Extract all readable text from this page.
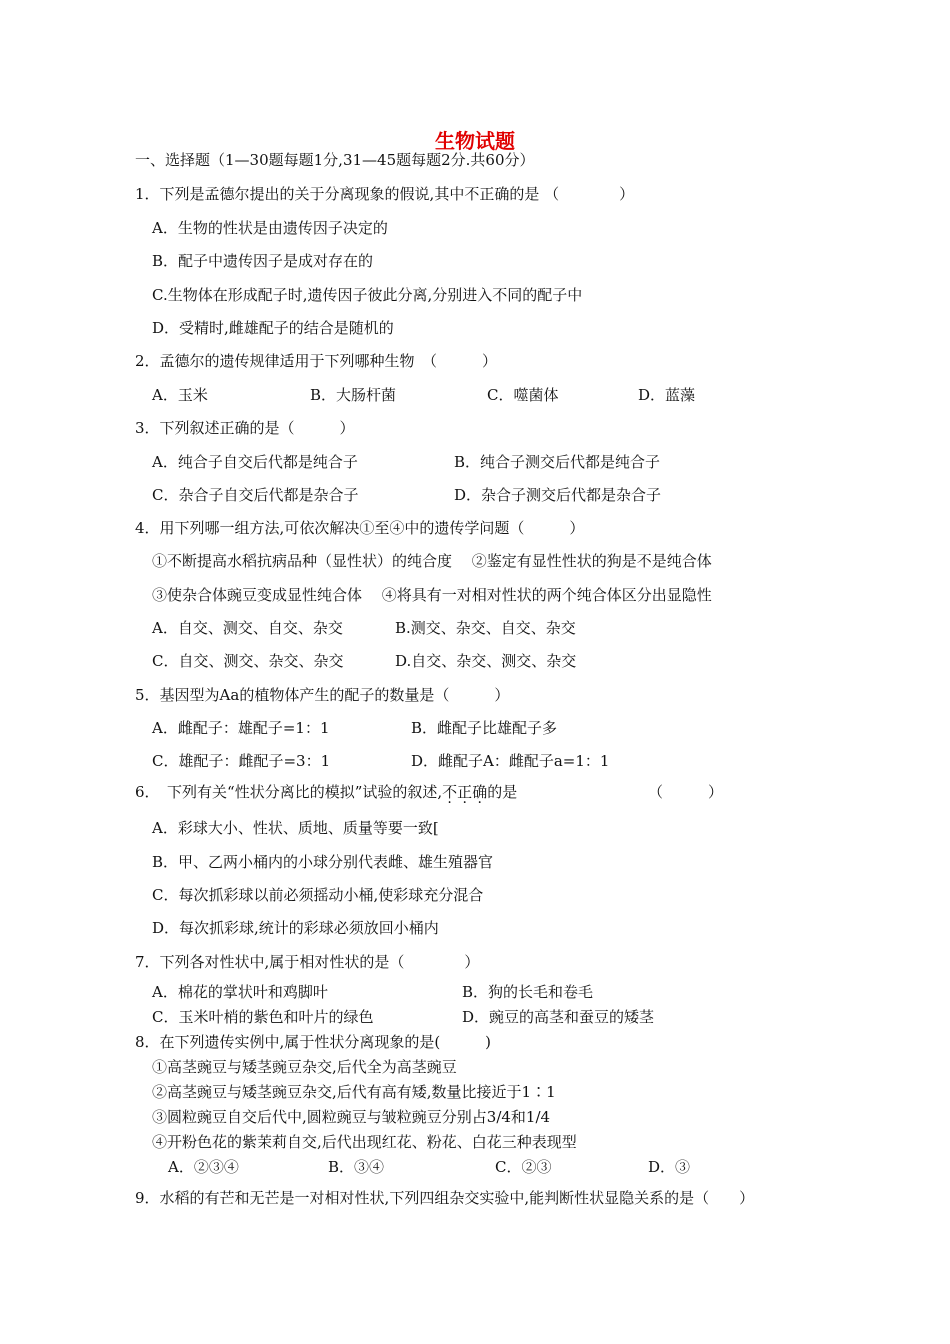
生物试题
一、选择题（1—30题每题1分,31—45题每题2分.共60分）
1．下列是孟德尔提出的关于分离现象的假说,其中不正确的是 （　　　　）
A．生物的性状是由遗传因子决定的
B．配子中遗传因子是成对存在的
C.生物体在形成配子时,遗传因子彼此分离,分别进入不同的配子中
D．受精时,雌雄配子的结合是随机的
2．孟德尔的遗传规律适用于下列哪种生物　（　　　）
A．玉米	B．大肠杆菌	C．噬菌体	D．蓝藻
3．下列叙述正确的是（　　　）
A．纯合子自交后代都是纯合子	B．纯合子测交后代都是纯合子
C．杂合子自交后代都是杂合子	D．杂合子测交后代都是杂合子
4．用下列哪一组方法,可依次解决①至④中的遗传学问题（　　　）
①不断提高水稻抗病品种（显性状）的纯合度　 ②鉴定有显性性状的狗是不是纯合体
③使杂合体豌豆变成显性纯合体　 ④将具有一对相对性状的两个纯合体区分出显隐性
A．自交、测交、自交、杂交	B.测交、杂交、自交、杂交
C．自交、测交、杂交、杂交	D.自交、杂交、测交、杂交
5．基因型为Aa的植物体产生的配子的数量是（　　　）
A．雌配子：雄配子=1：1	B．雌配子比雄配子多
C．雄配子：雌配子=3：1	D．雌配子A：雌配子a=1：1
6．　下列有关“性状分离比的模拟”试验的叙述,不正确的是	（　　　）
A．彩球大小、性状、质地、质量等要一致[
B．甲、乙两小桶内的小球分别代表雌、雄生殖器官
C．每次抓彩球以前必须摇动小桶,使彩球充分混合
D．每次抓彩球,统计的彩球必须放回小桶内
7．下列各对性状中,属于相对性状的是（　　　　）
A．棉花的掌状叶和鸡脚叶	B．狗的长毛和卷毛
C．玉米叶梢的紫色和叶片的绿色	D．豌豆的高茎和蚕豆的矮茎
8．在下列遗传实例中,属于性状分离现象的是(　　　)
①高茎豌豆与矮茎豌豆杂交,后代全为高茎豌豆
②高茎豌豆与矮茎豌豆杂交,后代有高有矮,数量比接近于1∶1
③圆粒豌豆自交后代中,圆粒豌豆与皱粒豌豆分别占3/4和1/4
④开粉色花的紫茉莉自交,后代出现红花、粉花、白花三种表现型
A．②③④	B．③④	C．②③	D．③
9．水稻的有芒和无芒是一对相对性状,下列四组杂交实验中,能判断性状显隐关系的是（　　）
